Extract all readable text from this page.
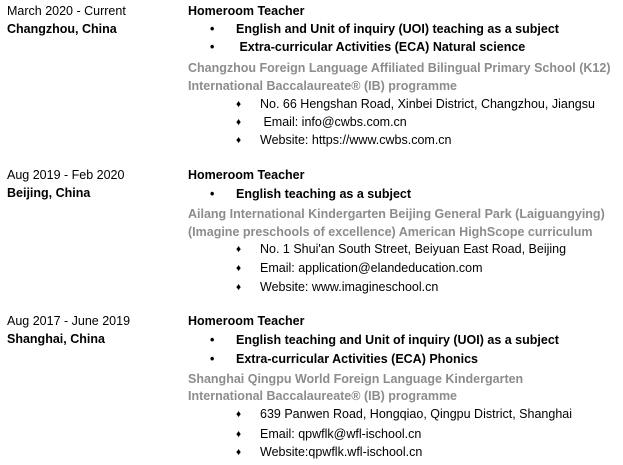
March 2020 - Current
Changzhou, China
Homeroom Teacher
• English and Unit of inquiry (UOI) teaching as a subject
• Extra-curricular Activities (ECA) Natural science
Changzhou Foreign Language Affiliated Bilingual Primary School (K12)
International Baccalaureate® (IB) programme
♦ No. 66 Hengshan Road, Xinbei District, Changzhou, Jiangsu
♦ Email: info@cwbs.com.cn
♦ Website: https://www.cwbs.com.cn
Aug 2019 - Feb 2020
Beijing, China
Homeroom Teacher
• English teaching as a subject
Ailang International Kindergarten Beijing General Park (Laiguangying)
(Imagine preschools of excellence) American HighScope curriculum
♦ No. 1 Shui'an South Street, Beiyuan East Road, Beijing
♦ Email: application@elandeducation.com
♦ Website: www.imagineschool.cn
Aug 2017 - June 2019
Shanghai, China
Homeroom Teacher
• English teaching and Unit of inquiry (UOI) as a subject
• Extra-curricular Activities (ECA) Phonics
Shanghai Qingpu World Foreign Language Kindergarten
International Baccalaureate® (IB) programme
♦ 639 Panwen Road, Hongqiao, Qingpu District, Shanghai
♦ Email: qpwflk@wfl-ischool.cn
♦ Website:qpwflk.wfl-ischool.cn
